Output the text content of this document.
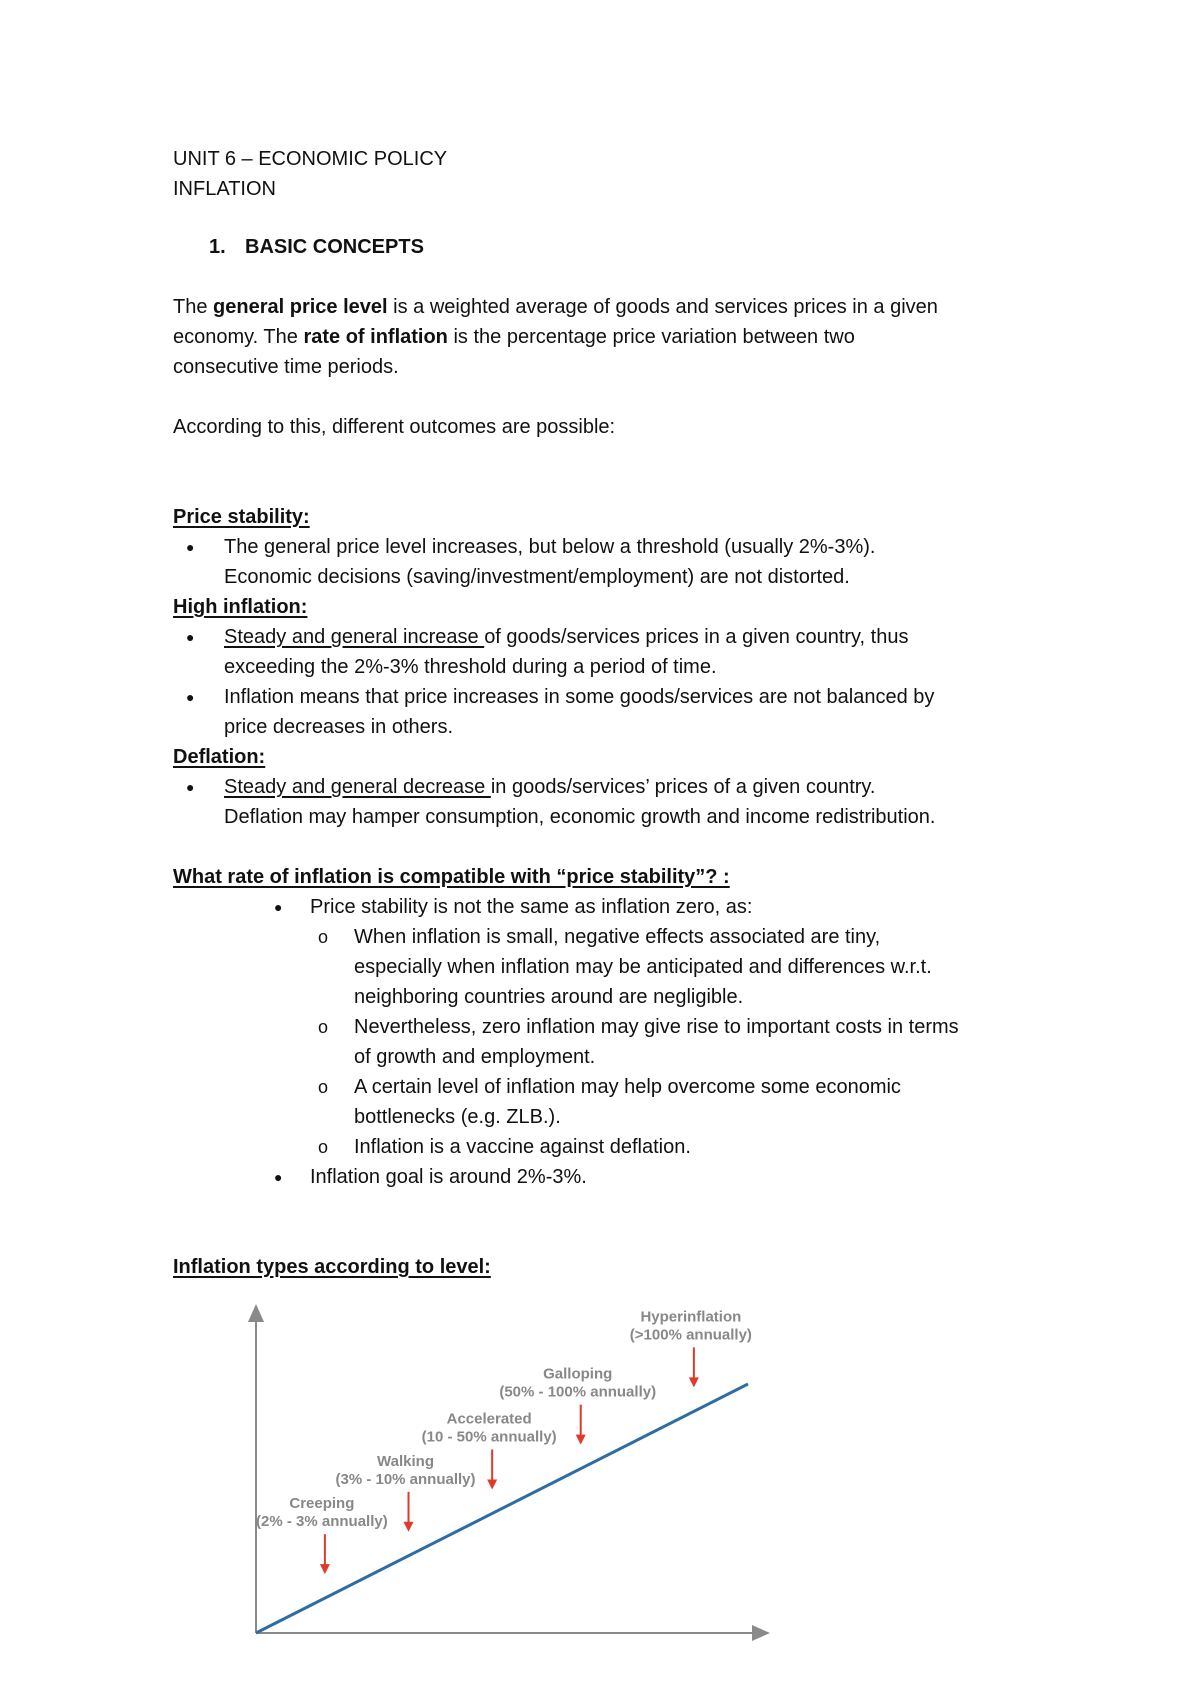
UNIT 6 – ECONOMIC POLICY
INFLATION
1. BASIC CONCEPTS
The general price level is a weighted average of goods and services prices in a given
economy. The rate of inflation is the percentage price variation between two
consecutive time periods.
According to this, different outcomes are possible:
Price stability:
● The general price level increases, but below a threshold (usually 2%-3%).
Economic decisions (saving/investment/employment) are not distorted.
High inflation:
● Steady and general increase of goods/services prices in a given country, thus
exceeding the 2%-3% threshold during a period of time.
● Inflation means that price increases in some goods/services are not balanced by
price decreases in others.
Deflation:
● Steady and general decrease in goods/services’ prices of a given country.
Deflation may hamper consumption, economic growth and income redistribution.
What rate of inflation is compatible with “price stability”? :
● Price stability is not the same as inflation zero, as:
o When inflation is small, negative effects associated are tiny,
especially when inflation may be anticipated and differences w.r.t.
neighboring countries around are negligible.
o Nevertheless, zero inflation may give rise to important costs in terms
of growth and employment.
o A certain level of inflation may help overcome some economic
bottlenecks (e.g. ZLB.).
o Inflation is a vaccine against deflation.
● Inflation goal is around 2%-3%.
Inflation types according to level:
Creeping
(2% - 3% annually)
Walking
(3% - 10% annually)
Accelerated
(10 - 50% annually)
Galloping
(50% - 100% annually)
Hyperinflation
(>100% annually)
